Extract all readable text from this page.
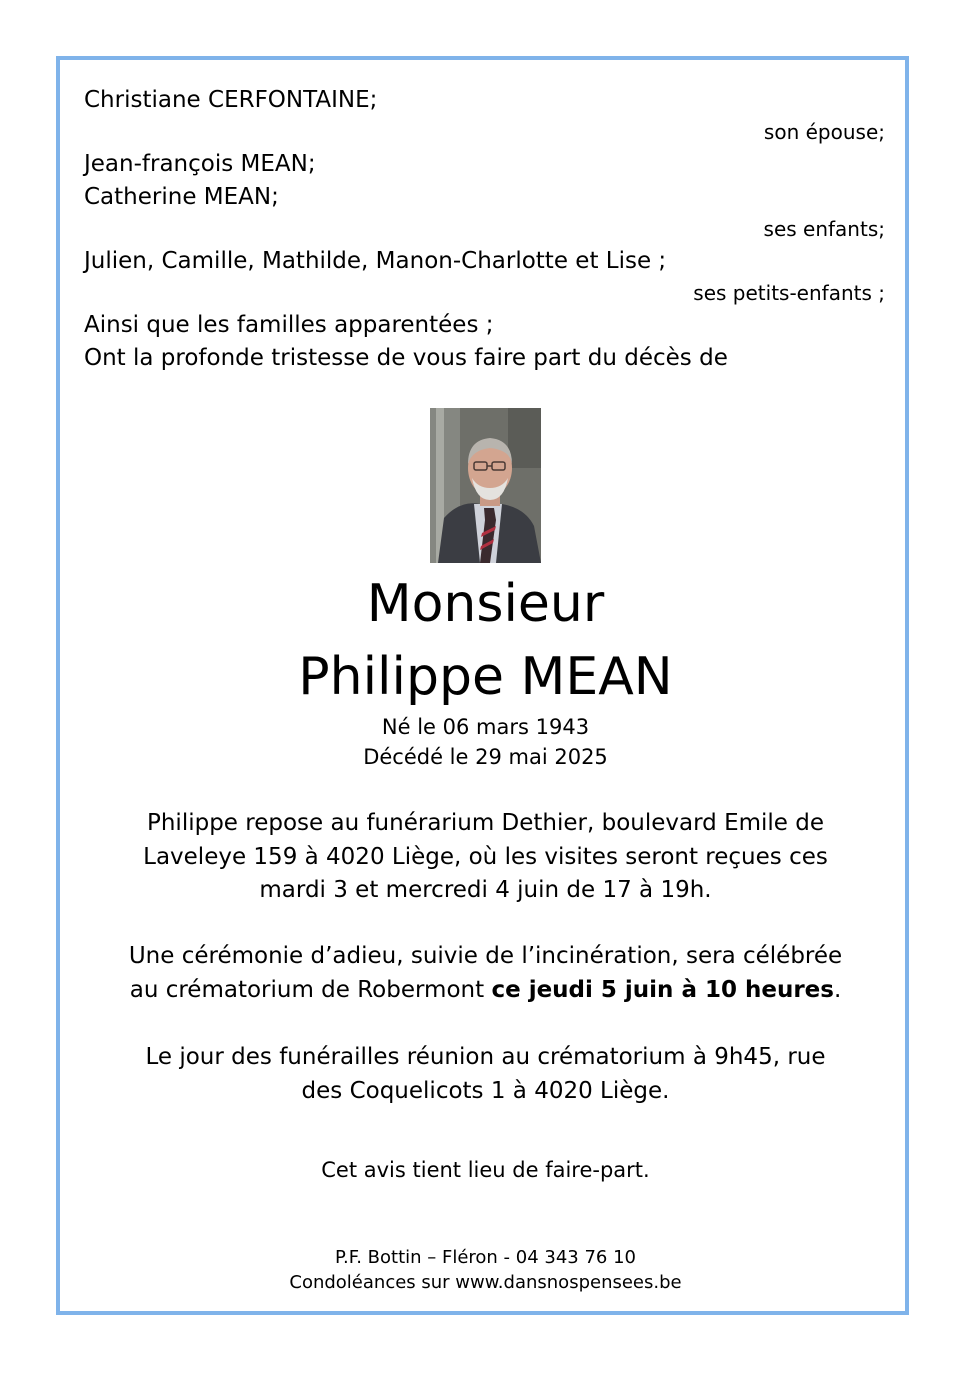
Christiane CERFONTAINE;
son épouse;
Jean-françois MEAN;
Catherine MEAN;
ses enfants;
Julien, Camille, Mathilde, Manon-Charlotte et Lise ;
ses petits-enfants ;
Ainsi que les familles apparentées ;
Ont la profonde tristesse de vous faire part du décès de
Monsieur
Philippe MEAN
Né le 06 mars 1943
Décédé le 29 mai 2025
Philippe repose au funérarium Dethier, boulevard Emile de
Laveleye 159 à 4020 Liège, où les visites seront reçues ces
mardi 3 et mercredi 4 juin de 17 à 19h.
Une cérémonie d’adieu, suivie de l’incinération, sera célébrée
au crématorium de Robermont ce jeudi 5 juin à 10 heures.
Le jour des funérailles réunion au crématorium à 9h45, rue
des Coquelicots 1 à 4020 Liège.
Cet avis tient lieu de faire-part.
P.F. Bottin – Fléron - 04 343 76 10
Condoléances sur www.dansnospensees.be
